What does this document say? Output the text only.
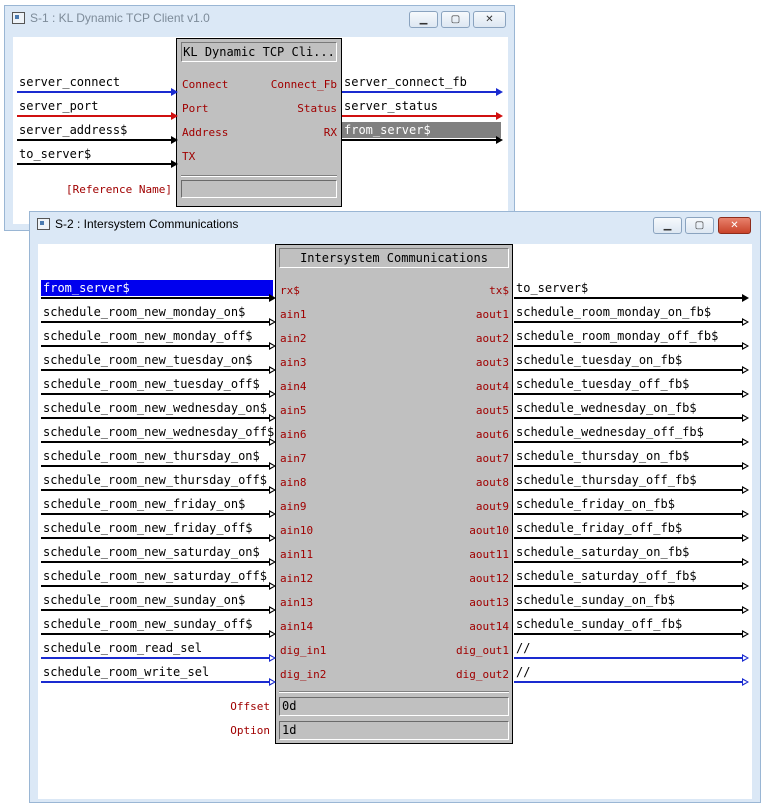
S-1 : KL Dynamic TCP Client v1.0	▁	▢	✕
KL Dynamic TCP Cli...
[Reference Name]
Connect
server_connect
Port
server_port
Address
server_address$
TX
to_server$
Connect_Fb server_connect_fb
Status server_status
RX from_server$
S-2 : Intersystem Communications	▁	▢	✕
Intersystem Communications
rx$
from_server$
ain1
schedule_room_new_monday_on$
ain2
schedule_room_new_monday_off$
ain3
schedule_room_new_tuesday_on$
ain4
schedule_room_new_tuesday_off$
ain5
schedule_room_new_wednesday_on$
ain6
schedule_room_new_wednesday_off$
ain7
schedule_room_new_thursday_on$
ain8
schedule_room_new_thursday_off$
ain9
schedule_room_new_friday_on$
ain10
schedule_room_new_friday_off$
ain11
schedule_room_new_saturday_on$
ain12
schedule_room_new_saturday_off$
ain13
schedule_room_new_sunday_on$
ain14
schedule_room_new_sunday_off$
dig_in1
schedule_room_read_sel
dig_in2
schedule_room_write_sel
tx$ to_server$
aout1 schedule_room_monday_on_fb$
aout2 schedule_room_monday_off_fb$
aout3 schedule_tuesday_on_fb$
aout4 schedule_tuesday_off_fb$
aout5 schedule_wednesday_on_fb$
aout6 schedule_wednesday_off_fb$
aout7 schedule_thursday_on_fb$
aout8 schedule_thursday_off_fb$
aout9 schedule_friday_on_fb$
aout10 schedule_friday_off_fb$
aout11 schedule_saturday_on_fb$
aout12 schedule_saturday_off_fb$
aout13 schedule_sunday_on_fb$
aout14 schedule_sunday_off_fb$
dig_out1 //
dig_out2 //
Offset 0d
Option 1d
